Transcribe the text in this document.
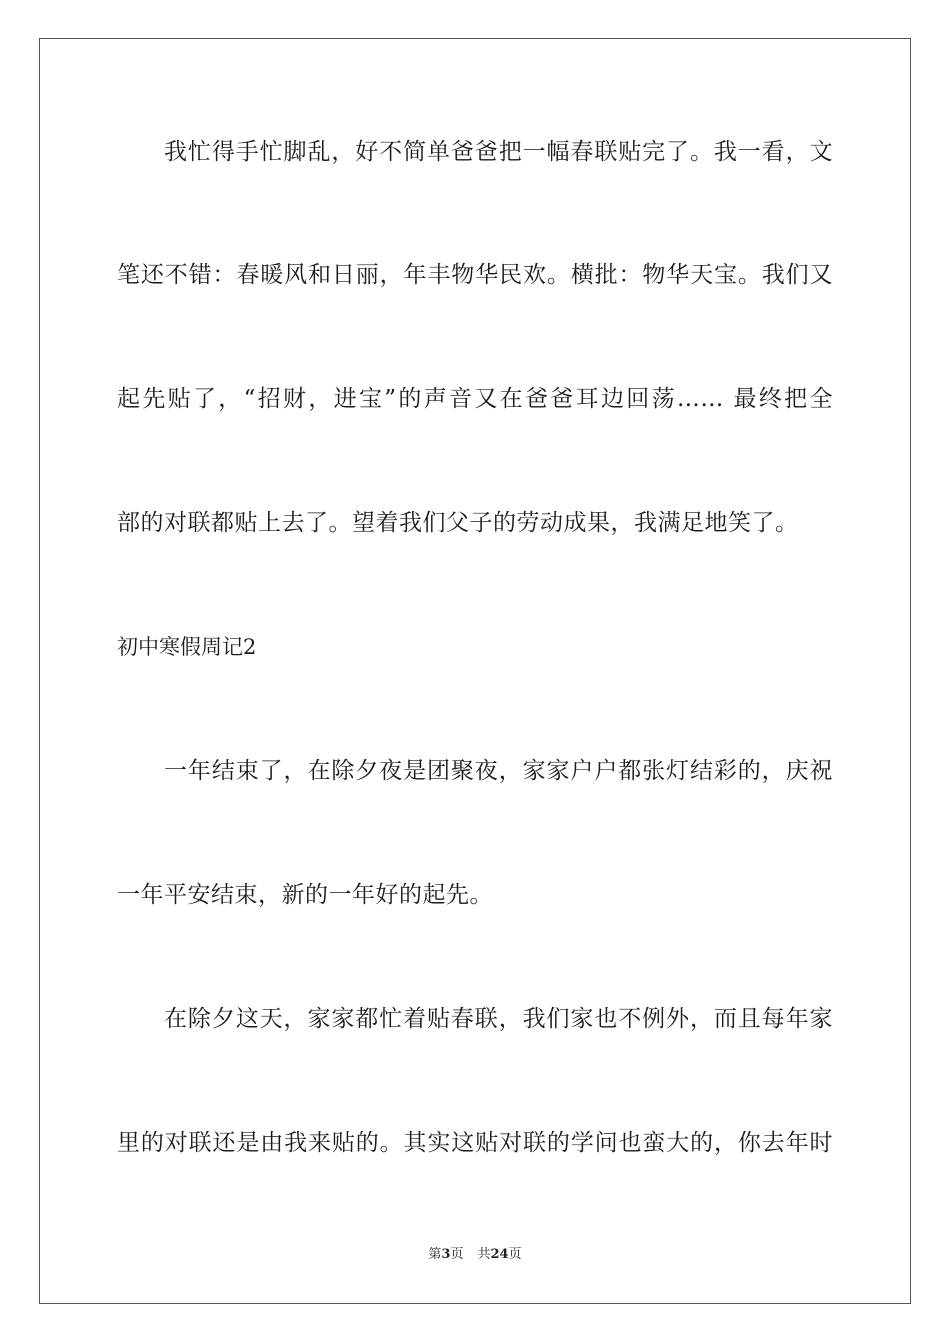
我忙得手忙脚乱，好不简单爸爸把一幅春联贴完了。我一看，文
笔还不错：春暖风和日丽，年丰物华民欢。横批：物华天宝。我们又
起先贴了，“招财，进宝”的声音又在爸爸耳边回荡…… 最终把全
部的对联都贴上去了。望着我们父子的劳动成果，我满足地笑了。
初中寒假周记2
一年结束了，在除夕夜是团聚夜，家家户户都张灯结彩的，庆祝
一年平安结束，新的一年好的起先。
在除夕这天，家家都忙着贴春联，我们家也不例外，而且每年家
里的对联还是由我来贴的。其实这贴对联的学问也蛮大的，你去年时
第3页 共24页
